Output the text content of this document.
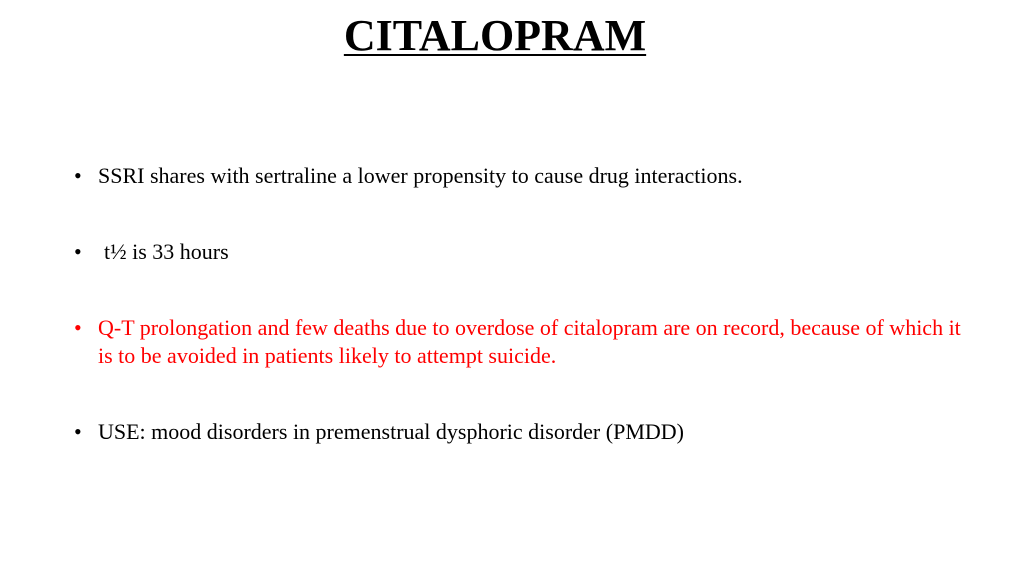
CITALOPRAM
• SSRI shares with sertraline a lower propensity to cause drug interactions.
• t½ is 33 hours
• Q-T prolongation and few deaths due to overdose of citalopram are on record, because of which it is to be avoided in patients likely to attempt suicide.
• USE: mood disorders in premenstrual dysphoric disorder (PMDD)
